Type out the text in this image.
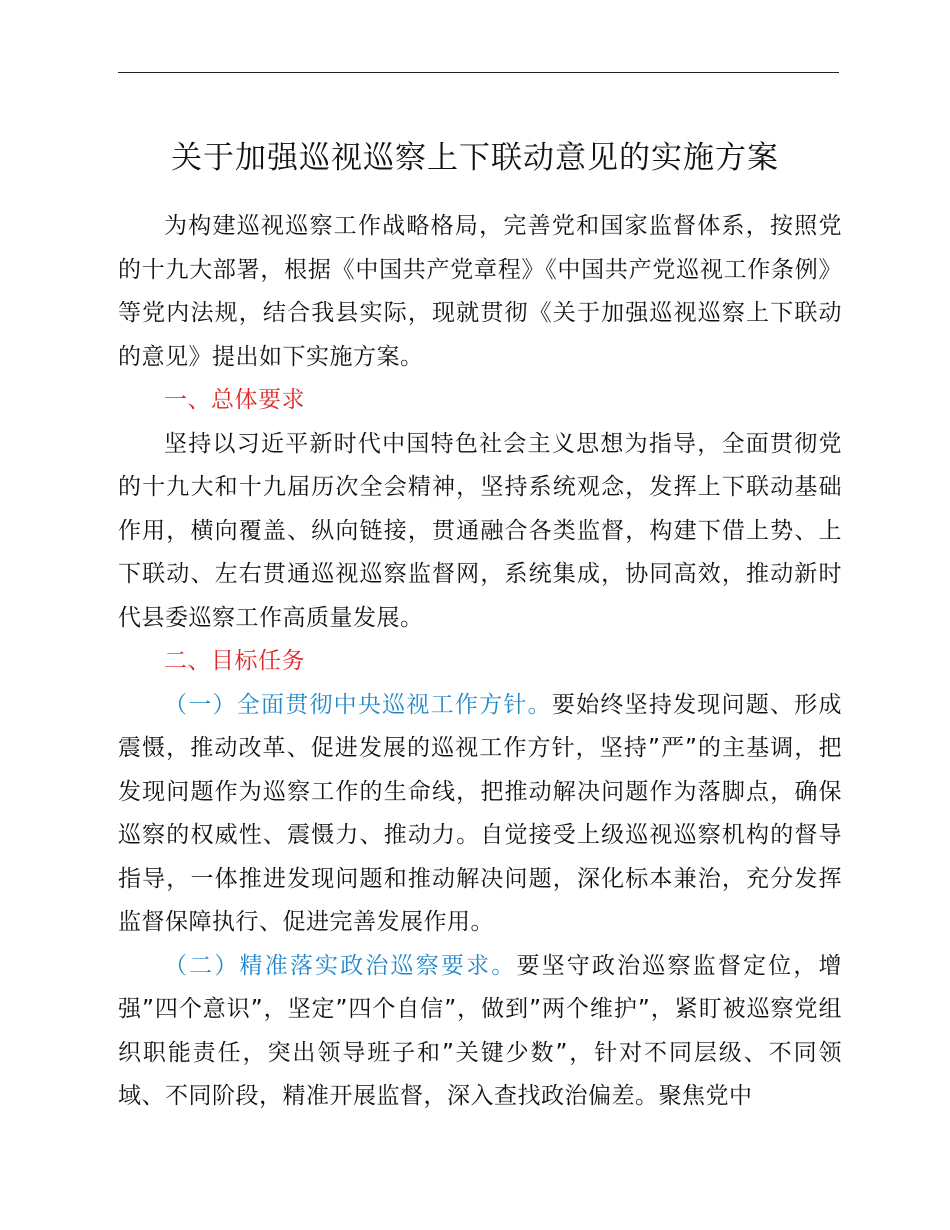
关于加强巡视巡察上下联动意见的实施方案

为构建巡视巡察工作战略格局，完善党和国家监督体系，按照党的十九大部署，根据《中国共产党章程》《中国共产党巡视工作条例》等党内法规，结合我县实际，现就贯彻《关于加强巡视巡察上下联动的意见》提出如下实施方案。

一、总体要求

坚持以习近平新时代中国特色社会主义思想为指导，全面贯彻党的十九大和十九届历次全会精神，坚持系统观念，发挥上下联动基础作用，横向覆盖、纵向链接，贯通融合各类监督，构建下借上势、上下联动、左右贯通巡视巡察监督网，系统集成，协同高效，推动新时代县委巡察工作高质量发展。

二、目标任务

（一）全面贯彻中央巡视工作方针。要始终坚持发现问题、形成震慑，推动改革、促进发展的巡视工作方针，坚持”严”的主基调，把发现问题作为巡察工作的生命线，把推动解决问题作为落脚点，确保巡察的权威性、震慑力、推动力。自觉接受上级巡视巡察机构的督导指导，一体推进发现问题和推动解决问题，深化标本兼治，充分发挥监督保障执行、促进完善发展作用。

（二）精准落实政治巡察要求。要坚守政治巡察监督定位，增强”四个意识”，坚定”四个自信”，做到”两个维护”，紧盯被巡察党组织职能责任，突出领导班子和”关键少数”，针对不同层级、不同领域、不同阶段，精准开展监督，深入查找政治偏差。聚焦党中
